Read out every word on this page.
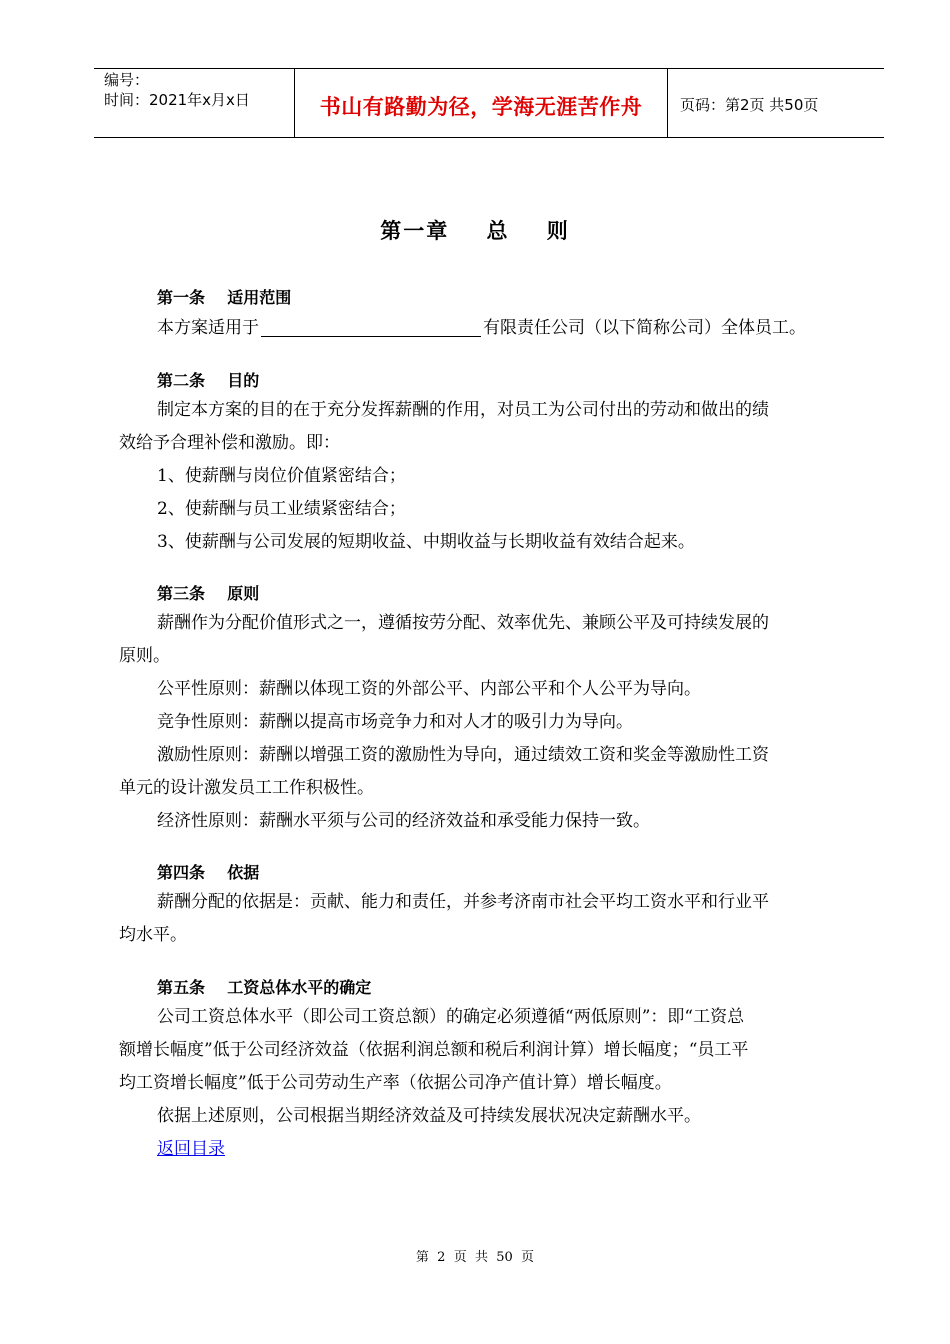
编号：
时间：2021年x月x日	书山有路勤为径，学海无涯苦作舟	页码：第2页 共50页
第一章    总    则
第一条    适用范围
本方案适用于	有限责任公司（以下简称公司）全体员工。
第二条    目的
制定本方案的目的在于充分发挥薪酬的作用，对员工为公司付出的劳动和做出的绩
效给予合理补偿和激励。即：
1、使薪酬与岗位价值紧密结合；
2、使薪酬与员工业绩紧密结合；
3、使薪酬与公司发展的短期收益、中期收益与长期收益有效结合起来。
第三条    原则
薪酬作为分配价值形式之一，遵循按劳分配、效率优先、兼顾公平及可持续发展的
原则。
公平性原则：薪酬以体现工资的外部公平、内部公平和个人公平为导向。
竞争性原则：薪酬以提高市场竞争力和对人才的吸引力为导向。
激励性原则：薪酬以增强工资的激励性为导向，通过绩效工资和奖金等激励性工资
单元的设计激发员工工作积极性。
经济性原则：薪酬水平须与公司的经济效益和承受能力保持一致。
第四条    依据
薪酬分配的依据是：贡献、能力和责任，并参考济南市社会平均工资水平和行业平
均水平。
第五条    工资总体水平的确定
公司工资总体水平（即公司工资总额）的确定必须遵循“两低原则”：即“工资总
额增长幅度”低于公司经济效益（依据利润总额和税后利润计算）增长幅度；“员工平
均工资增长幅度”低于公司劳动生产率（依据公司净产值计算）增长幅度。
依据上述原则，公司根据当期经济效益及可持续发展状况决定薪酬水平。
返回目录
第  2  页  共  50  页
